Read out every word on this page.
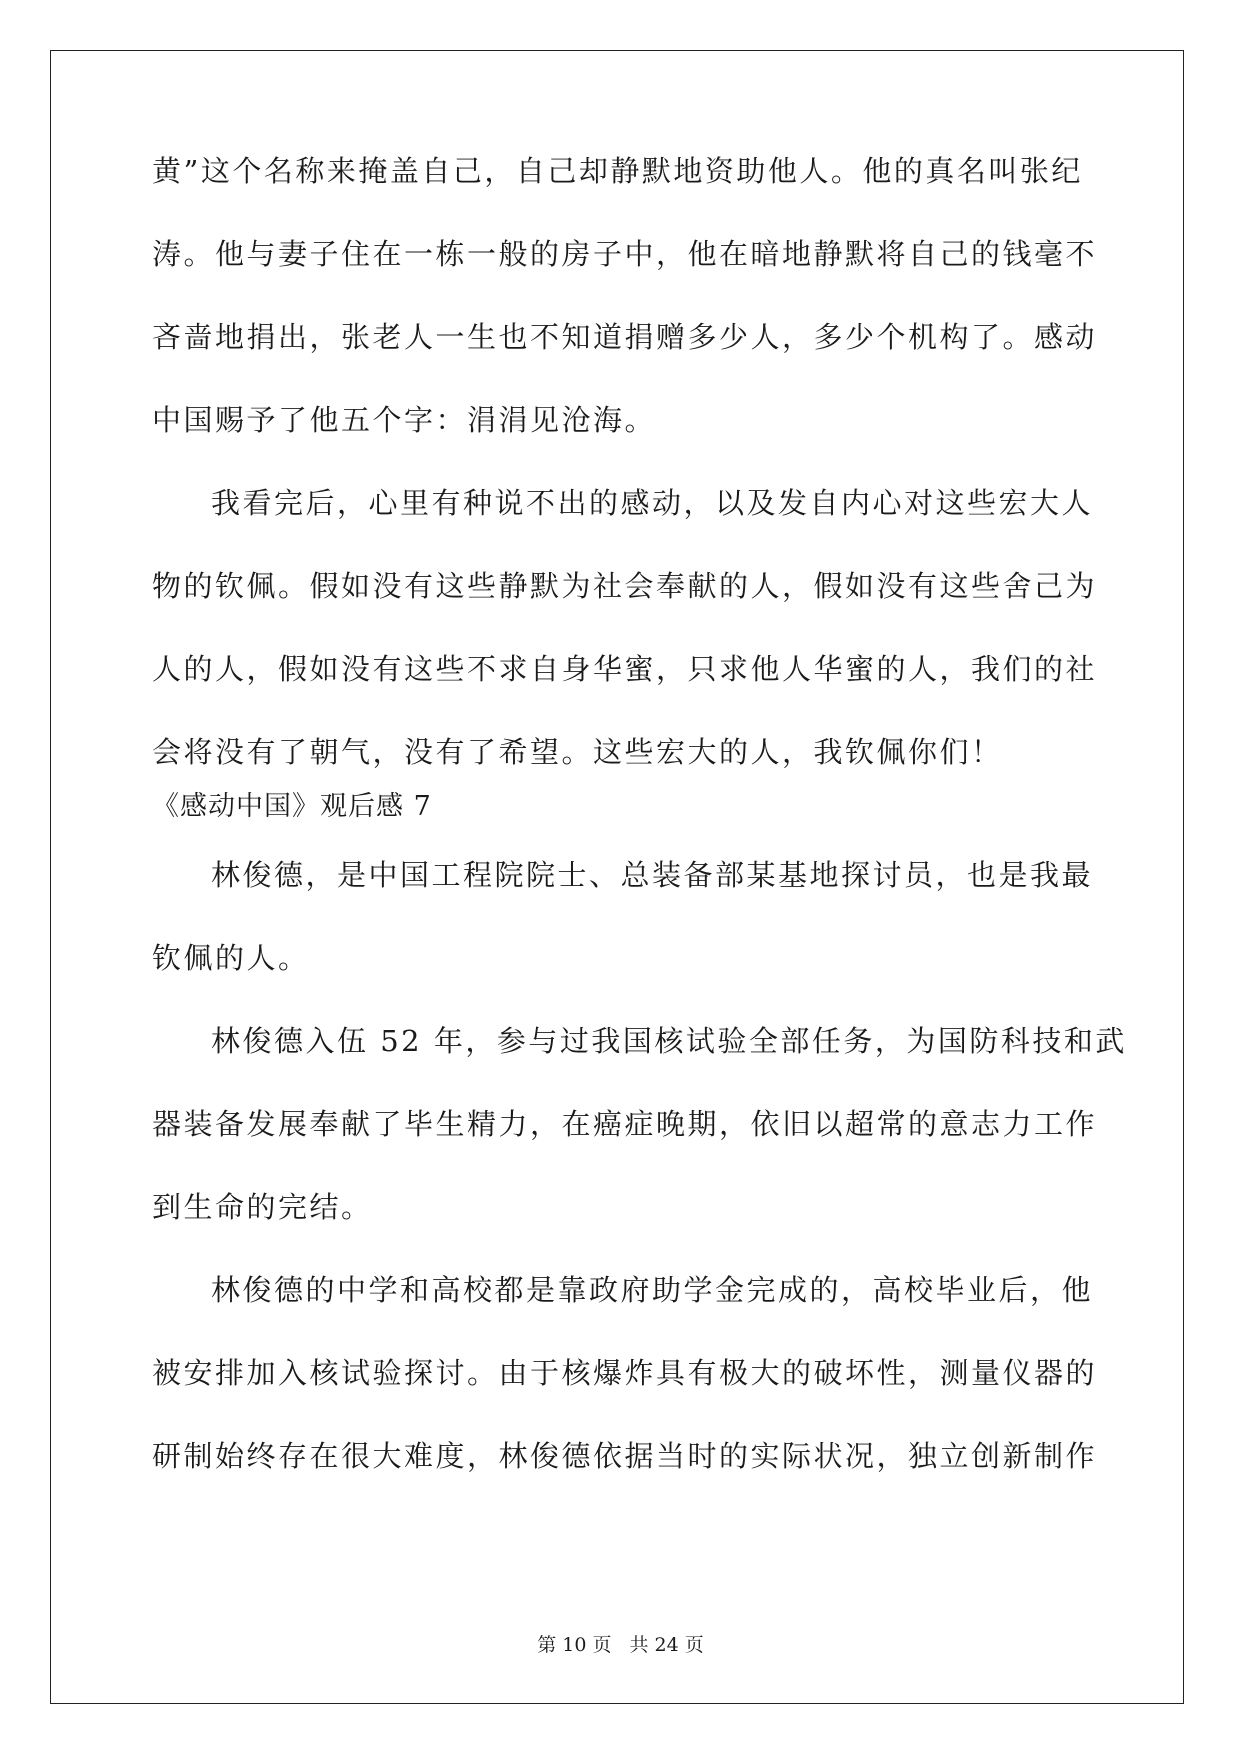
黄”这个名称来掩盖自己，自己却静默地资助他人。他的真名叫张纪
涛。他与妻子住在一栋一般的房子中，他在暗地静默将自己的钱毫不
吝啬地捐出，张老人一生也不知道捐赠多少人，多少个机构了。感动
中国赐予了他五个字：涓涓见沧海。
我看完后，心里有种说不出的感动，以及发自内心对这些宏大人
物的钦佩。假如没有这些静默为社会奉献的人，假如没有这些舍己为
人的人，假如没有这些不求自身华蜜，只求他人华蜜的人，我们的社
会将没有了朝气，没有了希望。这些宏大的人，我钦佩你们！
《感动中国》观后感 7
林俊德，是中国工程院院士、总装备部某基地探讨员，也是我最
钦佩的人。
林俊德入伍 52 年，参与过我国核试验全部任务，为国防科技和武
器装备发展奉献了毕生精力，在癌症晚期，依旧以超常的意志力工作
到生命的完结。
林俊德的中学和高校都是靠政府助学金完成的，高校毕业后，他
被安排加入核试验探讨。由于核爆炸具有极大的破坏性，测量仪器的
研制始终存在很大难度，林俊德依据当时的实际状况，独立创新制作
第 10 页 共 24 页
